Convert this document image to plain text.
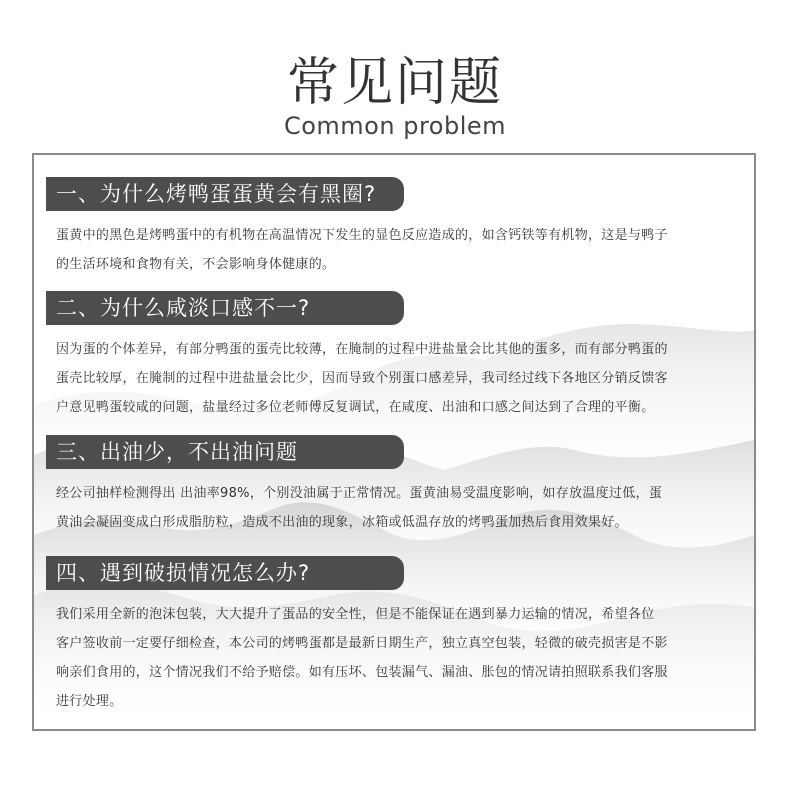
常见问题
Common problem
一、为什么烤鸭蛋蛋黄会有黑圈?

蛋黄中的黑色是烤鸭蛋中的有机物在高温情况下发生的显色反应造成的，如含钙铁等有机物，这是与鸭子

的生活环境和食物有关，不会影响身体健康的。

二、为什么咸淡口感不一?

因为蛋的个体差异，有部分鸭蛋的蛋壳比较薄，在腌制的过程中进盐量会比其他的蛋多，而有部分鸭蛋的

蛋壳比较厚，在腌制的过程中进盐量会比少，因而导致个别蛋口感差异，我司经过线下各地区分销反馈客

户意见鸭蛋较咸的问题，盐量经过多位老师傅反复调试，在咸度、出油和口感之间达到了合理的平衡。

三、出油少，不出油问题

经公司抽样检测得出 出油率98%，个别没油属于正常情况。蛋黄油易受温度影响，如存放温度过低，蛋

黄油会凝固变成白形成脂肪粒，造成不出油的现象，冰箱或低温存放的烤鸭蛋加热后食用效果好。

四、遇到破损情况怎么办?

我们采用全新的泡沫包装，大大提升了蛋品的安全性，但是不能保证在遇到暴力运输的情况，希望各位

客户签收前一定要仔细检查，本公司的烤鸭蛋都是最新日期生产，独立真空包装，轻微的破壳损害是不影

响亲们食用的，这个情况我们不给予赔偿。如有压坏、包装漏气、漏油、胀包的情况请拍照联系我们客服

进行处理。
